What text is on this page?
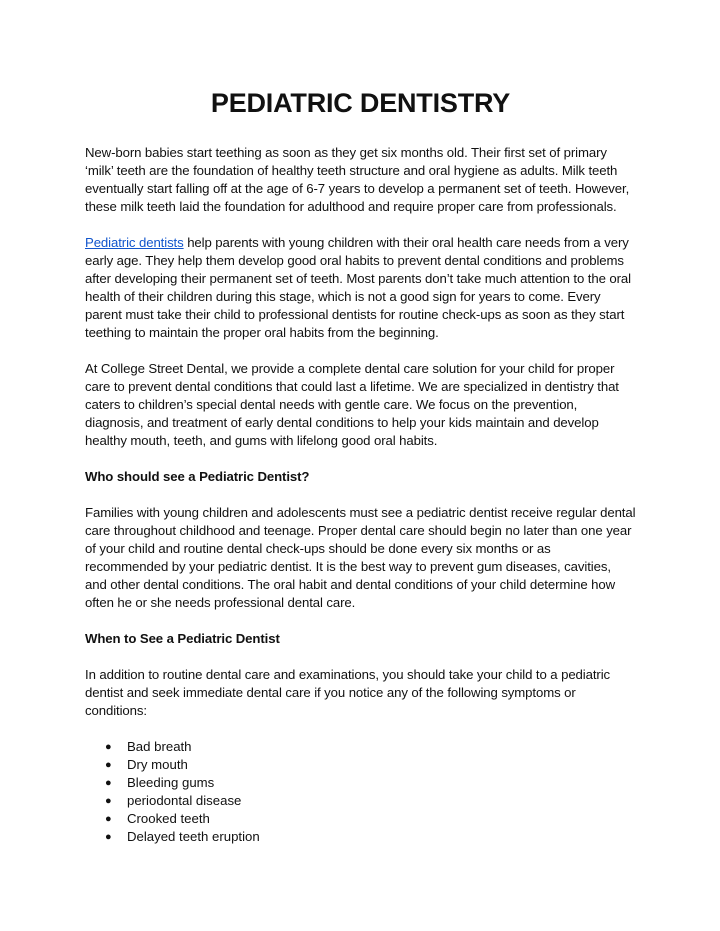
PEDIATRIC DENTISTRY

New-born babies start teething as soon as they get six months old. Their first set of primary ‘milk’ teeth are the foundation of healthy teeth structure and oral hygiene as adults. Milk teeth eventually start falling off at the age of 6-7 years to develop a permanent set of teeth. However, these milk teeth laid the foundation for adulthood and require proper care from professionals.

Pediatric dentists help parents with young children with their oral health care needs from a very early age. They help them develop good oral habits to prevent dental conditions and problems after developing their permanent set of teeth. Most parents don’t take much attention to the oral health of their children during this stage, which is not a good sign for years to come. Every parent must take their child to professional dentists for routine check-ups as soon as they start teething to maintain the proper oral habits from the beginning.

At College Street Dental, we provide a complete dental care solution for your child for proper care to prevent dental conditions that could last a lifetime. We are specialized in dentistry that caters to children’s special dental needs with gentle care. We focus on the prevention, diagnosis, and treatment of early dental conditions to help your kids maintain and develop healthy mouth, teeth, and gums with lifelong good oral habits.

Who should see a Pediatric Dentist?

Families with young children and adolescents must see a pediatric dentist receive regular dental care throughout childhood and teenage. Proper dental care should begin no later than one year of your child and routine dental check-ups should be done every six months or as recommended by your pediatric dentist. It is the best way to prevent gum diseases, cavities, and other dental conditions. The oral habit and dental conditions of your child determine how often he or she needs professional dental care.

When to See a Pediatric Dentist

In addition to routine dental care and examinations, you should take your child to a pediatric dentist and seek immediate dental care if you notice any of the following symptoms or conditions:

● Bad breath
● Dry mouth
● Bleeding gums
● periodontal disease
● Crooked teeth
● Delayed teeth eruption
